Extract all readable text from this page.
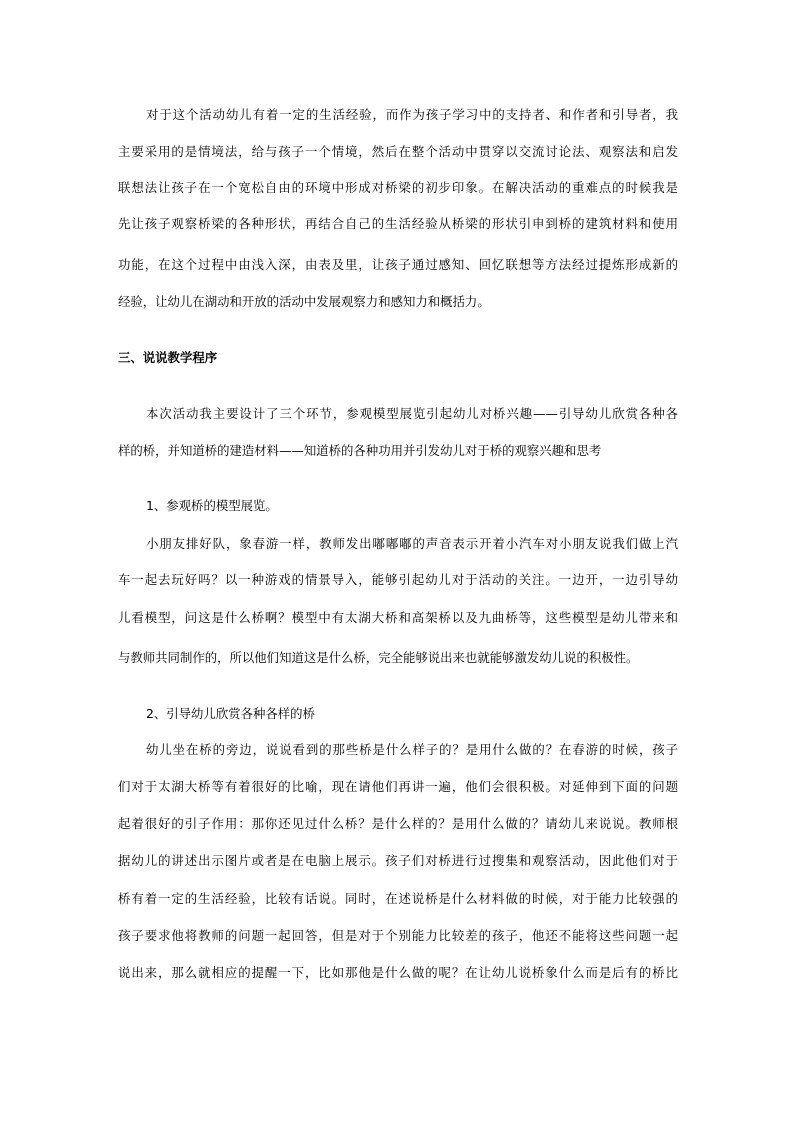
对于这个活动幼儿有着一定的生活经验，而作为孩子学习中的支持者、和作者和引导者，我
主要采用的是情境法，给与孩子一个情境，然后在整个活动中贯穿以交流讨论法、观察法和启发
联想法让孩子在一个宽松自由的环境中形成对桥梁的初步印象。在解决活动的重难点的时候我是
先让孩子观察桥梁的各种形状，再结合自己的生活经验从桥梁的形状引申到桥的建筑材料和使用
功能，在这个过程中由浅入深，由表及里，让孩子通过感知、回忆联想等方法经过提炼形成新的
经验，让幼儿在湖动和开放的活动中发展观察力和感知力和概括力。
三、说说教学程序
本次活动我主要设计了三个环节，参观模型展览引起幼儿对桥兴趣——引导幼儿欣赏各种各
样的桥，并知道桥的建造材料——知道桥的各种功用并引发幼儿对于桥的观察兴趣和思考
1、参观桥的模型展览。
小朋友排好队，象春游一样，教师发出嘟嘟嘟的声音表示开着小汽车对小朋友说我们做上汽
车一起去玩好吗？以一种游戏的情景导入，能够引起幼儿对于活动的关注。一边开，一边引导幼
儿看模型，问这是什么桥啊？模型中有太湖大桥和高架桥以及九曲桥等，这些模型是幼儿带来和
与教师共同制作的，所以他们知道这是什么桥，完全能够说出来也就能够激发幼儿说的积极性。
2、引导幼儿欣赏各种各样的桥
幼儿坐在桥的旁边，说说看到的那些桥是什么样子的？是用什么做的？在春游的时候，孩子
们对于太湖大桥等有着很好的比喻，现在请他们再讲一遍，他们会很积极。对延伸到下面的问题
起着很好的引子作用：那你还见过什么桥？是什么样的？是用什么做的？请幼儿来说说。教师根
据幼儿的讲述出示图片或者是在电脑上展示。孩子们对桥进行过搜集和观察活动，因此他们对于
桥有着一定的生活经验，比较有话说。同时，在述说桥是什么材料做的时候，对于能力比较强的
孩子要求他将教师的问题一起回答，但是对于个别能力比较差的孩子，他还不能将这些问题一起
说出来，那么就相应的提醒一下，比如那他是什么做的呢？在让幼儿说桥象什么而是后有的桥比
